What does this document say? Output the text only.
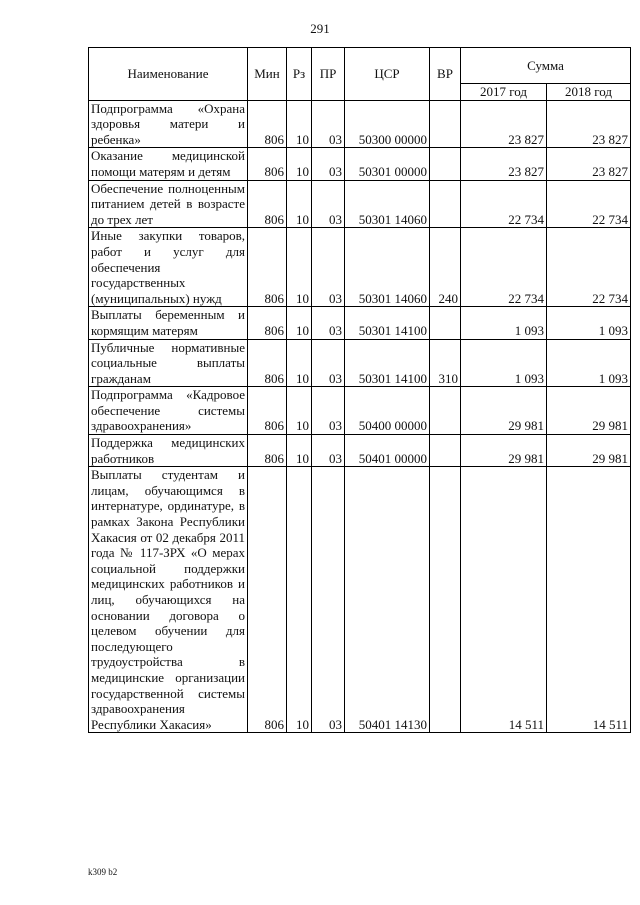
291
Наименование	Мин	Рз	ПР	ЦСР	ВР	Сумма	
						2017 год	2018 год
Подпрограмма «Охрана здоровья матери и ребенка»	806	10	03	50300 00000		23 827	23 827
Оказание медицинской помощи матерям и детям	806	10	03	50301 00000		23 827	23 827
Обеспечение полноценным питанием детей в возрасте до трех лет	806	10	03	50301 14060		22 734	22 734
Иные закупки товаров, работ и услуг для обеспечения государственных (муниципальных) нужд	806	10	03	50301 14060	240	22 734	22 734
Выплаты беременным и кормящим матерям	806	10	03	50301 14100		1 093	1 093
Публичные нормативные социальные выплаты гражданам	806	10	03	50301 14100	310	1 093	1 093
Подпрограмма «Кадровое обеспечение системы здравоохранения»	806	10	03	50400 00000		29 981	29 981
Поддержка медицинских работников	806	10	03	50401 00000		29 981	29 981
Выплаты студентам и лицам, обучающимся в интернатуре, ординатуре, в рамках Закона Республики Хакасия от 02 декабря 2011 года № 117-ЗРХ «О мерах социальной поддержки медицинских работников и лиц, обучающихся на основании договора о целевом обучении для последующего трудоустройства в медицинские организации государственной системы здравоохранения Республики Хакасия»	806	10	03	50401 14130		14 511	14 511
k309 b2
